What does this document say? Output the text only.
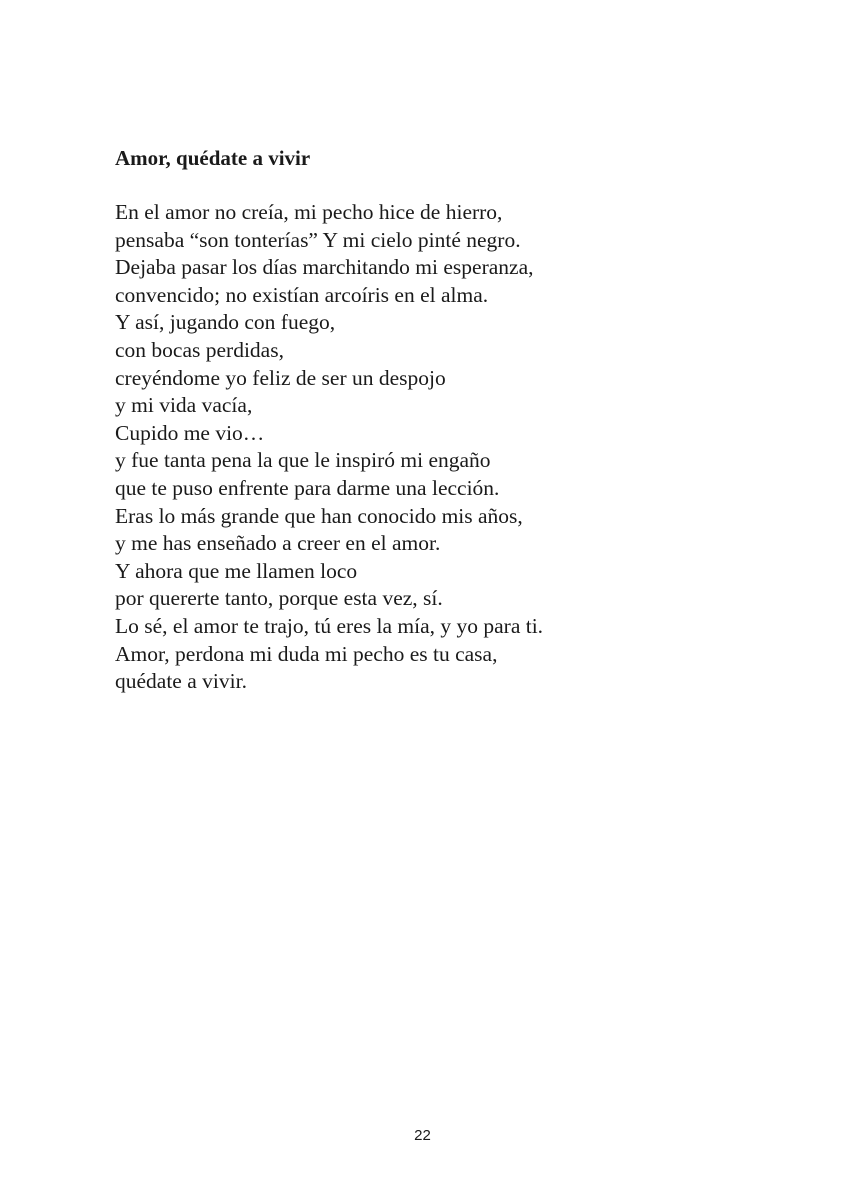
Amor, quédate a vivir
En el amor no creía, mi pecho hice de hierro,
pensaba “son tonterías” Y mi cielo pinté negro.
Dejaba pasar los días marchitando mi esperanza,
convencido; no existían arcoíris en el alma.
Y así, jugando con fuego,
con bocas perdidas,
creyéndome yo feliz de ser un despojo
y mi vida vacía,
Cupido me vio…
y fue tanta pena la que le inspiró mi engaño
que te puso enfrente para darme una lección.
Eras lo más grande que han conocido mis años,
y me has enseñado a creer en el amor.
Y ahora que me llamen loco
por quererte tanto, porque esta vez, sí.
Lo sé, el amor te trajo, tú eres la mía, y yo para ti.
Amor, perdona mi duda mi pecho es tu casa,
quédate a vivir.
22
